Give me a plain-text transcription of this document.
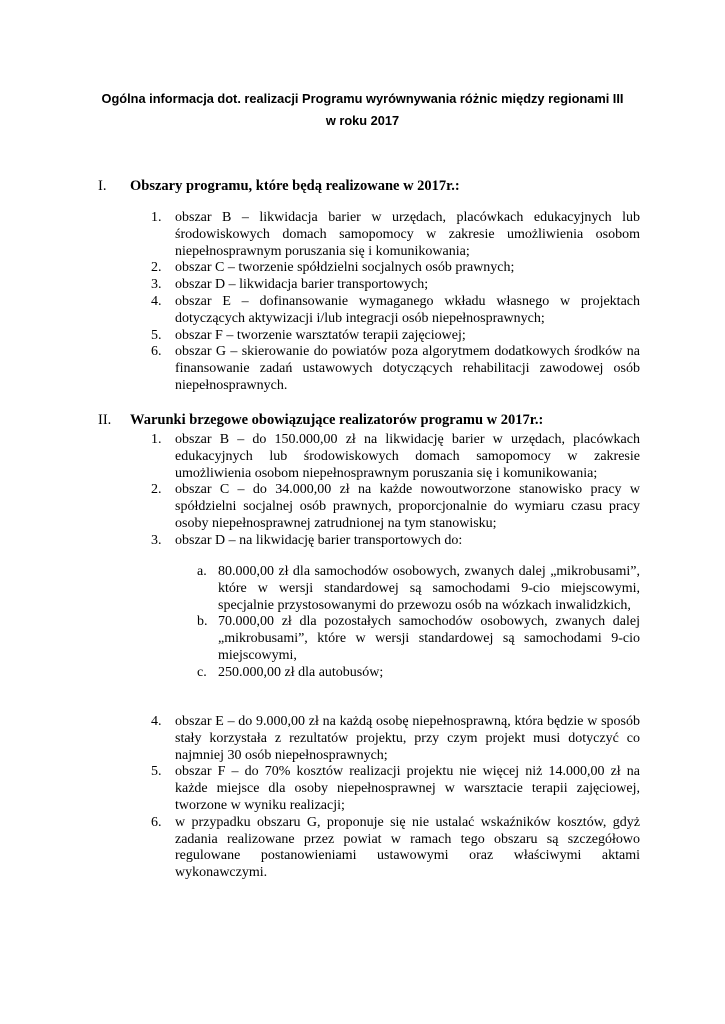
Ogólna informacja dot. realizacji Programu wyrównywania różnic między regionami III
w roku 2017
I. Obszary programu, które będą realizowane w 2017r.:
1. obszar B – likwidacja barier w urzędach, placówkach edukacyjnych lub środowiskowych domach samopomocy w zakresie umożliwienia osobom niepełnosprawnym poruszania się i komunikowania;
2. obszar C – tworzenie spółdzielni socjalnych osób prawnych;
3. obszar D – likwidacja barier transportowych;
4. obszar E – dofinansowanie wymaganego wkładu własnego w projektach dotyczących aktywizacji i/lub integracji osób niepełnosprawnych;
5. obszar F – tworzenie warsztatów terapii zajęciowej;
6. obszar G – skierowanie do powiatów poza algorytmem dodatkowych środków na finansowanie zadań ustawowych dotyczących rehabilitacji zawodowej osób niepełnosprawnych.
II. Warunki brzegowe obowiązujące realizatorów programu w 2017r.:
1. obszar B – do 150.000,00 zł na likwidację barier w urzędach, placówkach edukacyjnych lub środowiskowych domach samopomocy w zakresie umożliwienia osobom niepełnosprawnym poruszania się i komunikowania;
2. obszar C – do 34.000,00 zł na każde nowoutworzone stanowisko pracy w spółdzielni socjalnej osób prawnych, proporcjonalnie do wymiaru czasu pracy osoby niepełnosprawnej zatrudnionej na tym stanowisku;
3. obszar D – na likwidację barier transportowych do:
a. 80.000,00 zł dla samochodów osobowych, zwanych dalej „mikrobusami”, które w wersji standardowej są samochodami 9-cio miejscowymi, specjalnie przystosowanymi do przewozu osób na wózkach inwalidzkich,
b. 70.000,00 zł dla pozostałych samochodów osobowych, zwanych dalej „mikrobusami”, które w wersji standardowej są samochodami 9-cio miejscowymi,
c. 250.000,00 zł dla autobusów;
4. obszar E – do 9.000,00 zł na każdą osobę niepełnosprawną, która będzie w sposób stały korzystała z rezultatów projektu, przy czym projekt musi dotyczyć co najmniej 30 osób niepełnosprawnych;
5. obszar F – do 70% kosztów realizacji projektu nie więcej niż 14.000,00 zł na każde miejsce dla osoby niepełnosprawnej w warsztacie terapii zajęciowej, tworzone w wyniku realizacji;
6. w przypadku obszaru G, proponuje się nie ustalać wskaźników kosztów, gdyż zadania realizowane przez powiat w ramach tego obszaru są szczegółowo regulowane postanowieniami ustawowymi oraz właściwymi aktami wykonawczymi.
